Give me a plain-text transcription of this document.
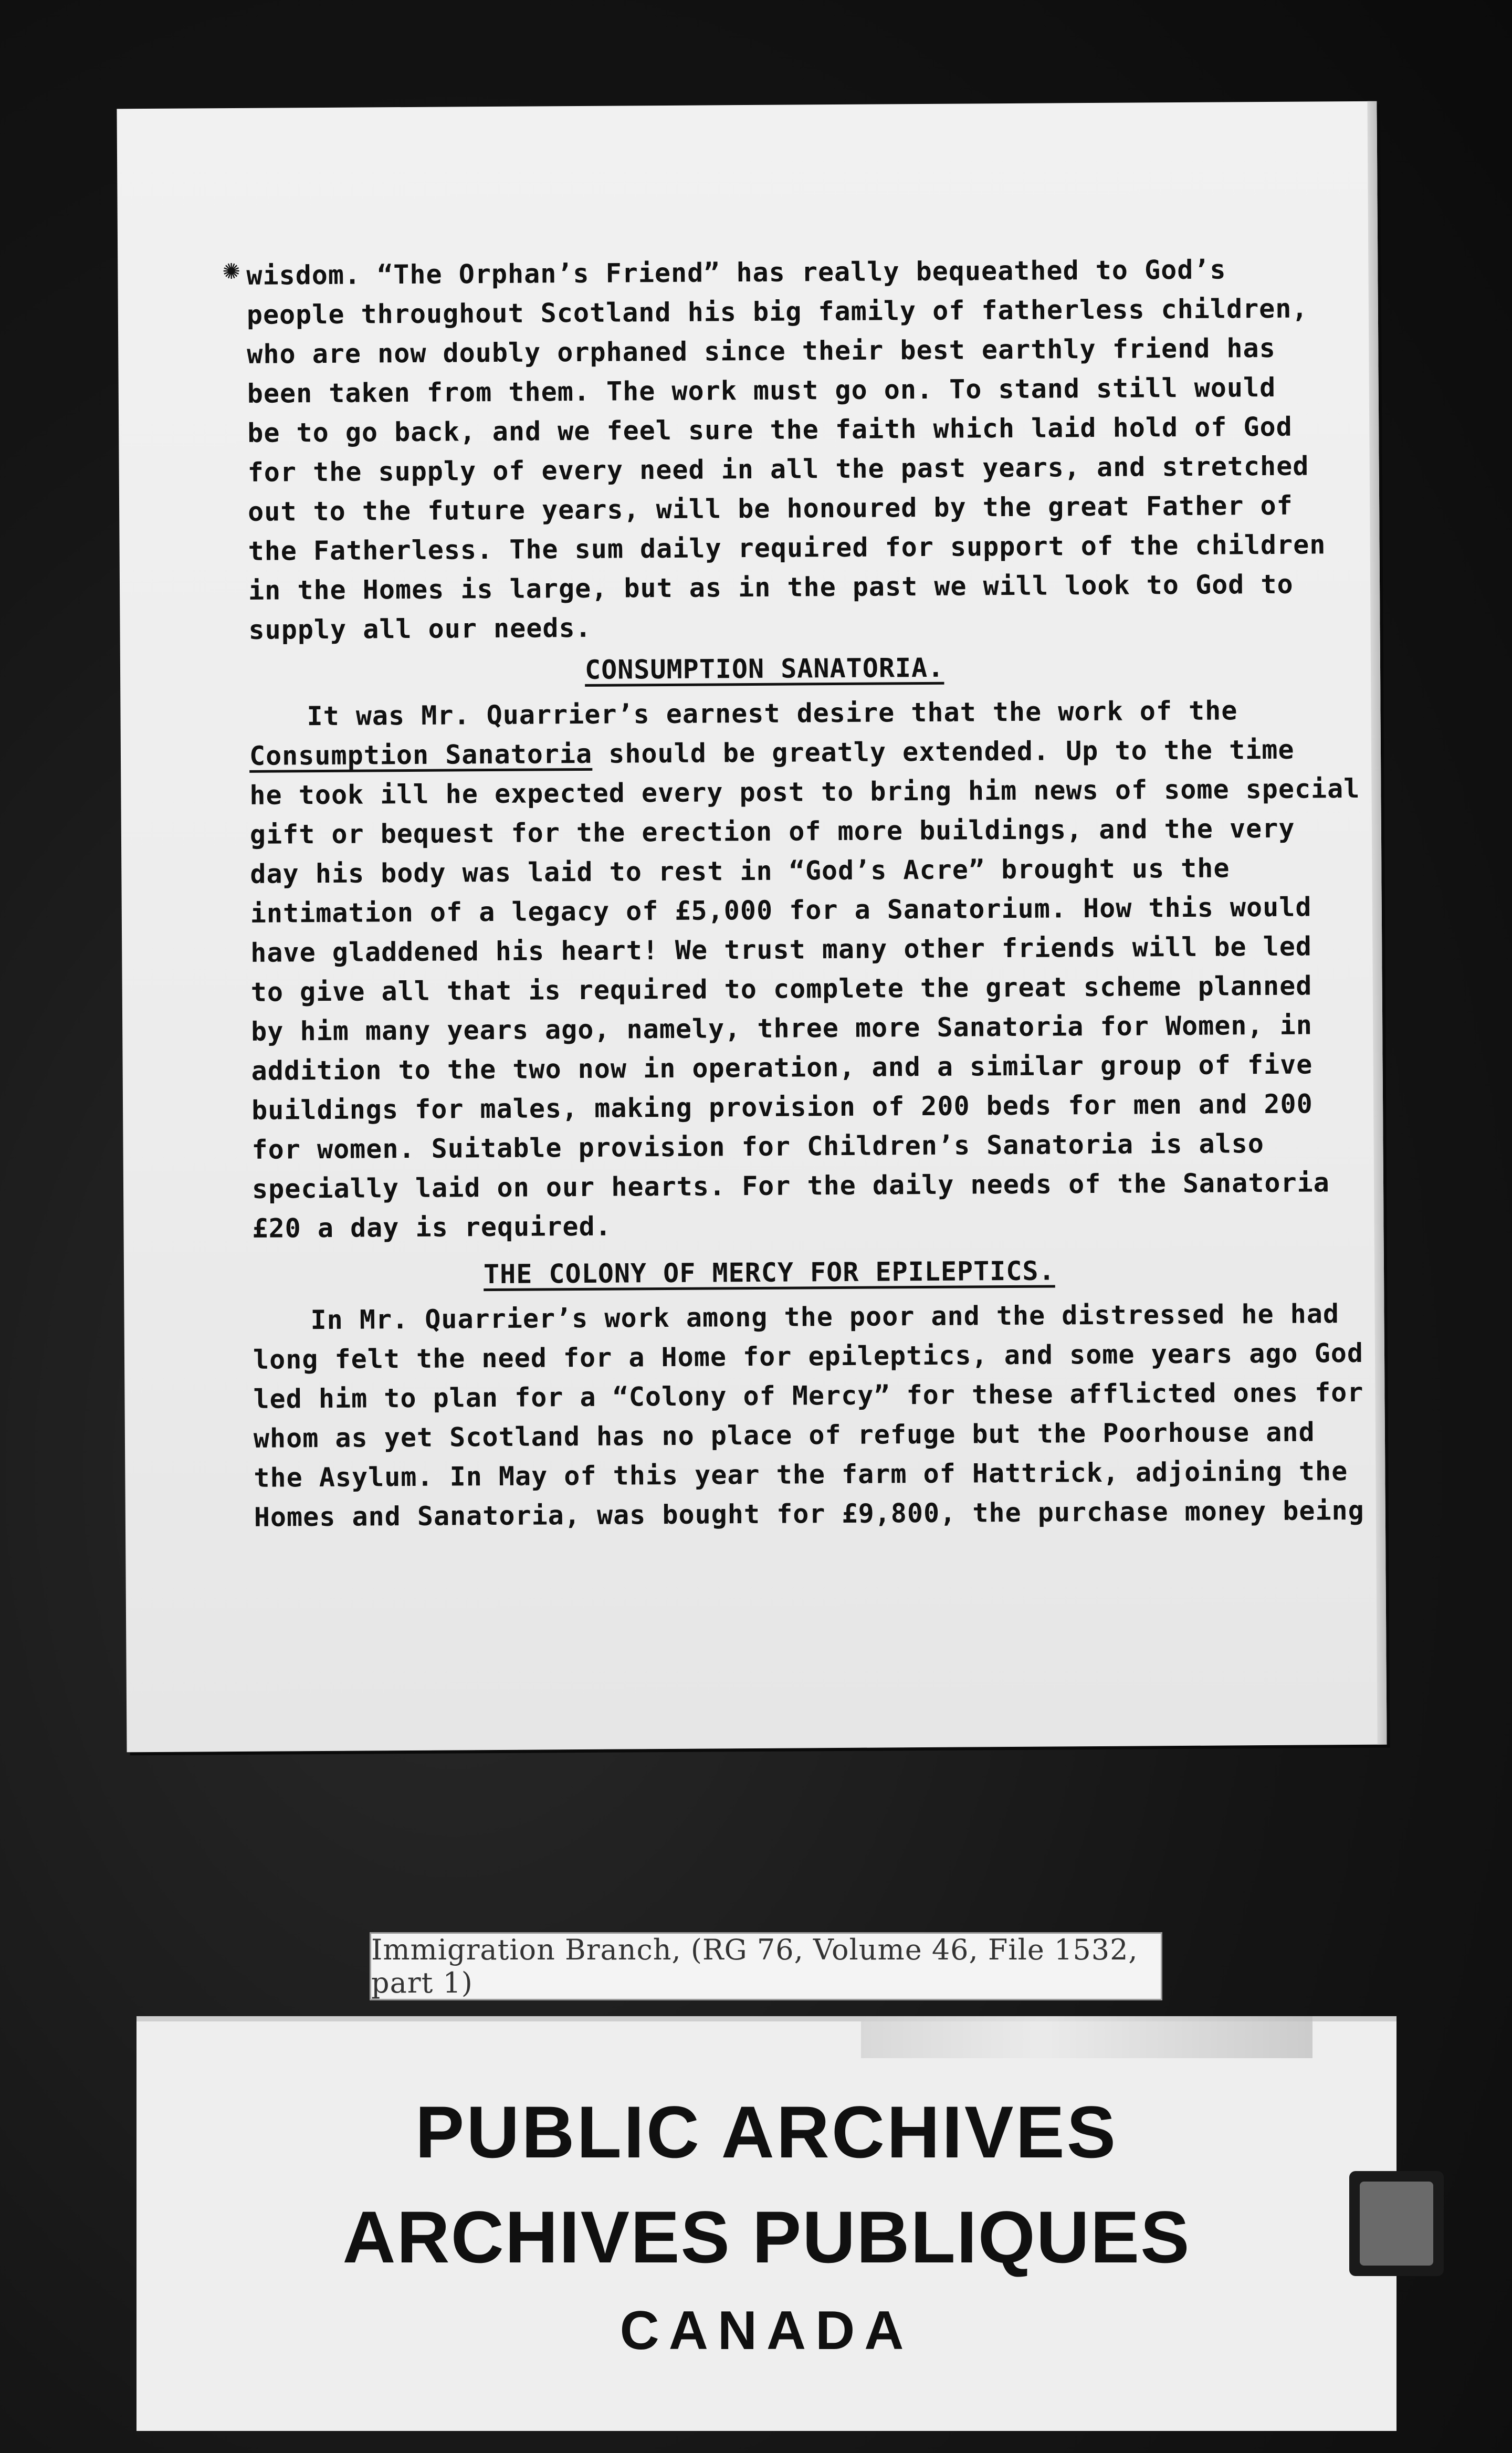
✺ wisdom. “The Orphan’s Friend” has really bequeathed to God’s
people throughout Scotland his big family of fatherless children,
who are now doubly orphaned since their best earthly friend has
been taken from them. The work must go on. To stand still would
be to go back, and we feel sure the faith which laid hold of God
for the supply of every need in all the past years, and stretched
out to the future years, will be honoured by the great Father of
the Fatherless. The sum daily required for support of the children
in the Homes is large, but as in the past we will look to God to
supply all our needs.
CONSUMPTION SANATORIA.
It was Mr. Quarrier’s earnest desire that the work of the
Consumption Sanatoria should be greatly extended. Up to the time
he took ill he expected every post to bring him news of some special
gift or bequest for the erection of more buildings, and the very
day his body was laid to rest in “God’s Acre” brought us the
intimation of a legacy of £5,000 for a Sanatorium. How this would
have gladdened his heart! We trust many other friends will be led
to give all that is required to complete the great scheme planned
by him many years ago, namely, three more Sanatoria for Women, in
addition to the two now in operation, and a similar group of five
buildings for males, making provision of 200 beds for men and 200
for women. Suitable provision for Children’s Sanatoria is also
specially laid on our hearts. For the daily needs of the Sanatoria
£20 a day is required.
THE COLONY OF MERCY FOR EPILEPTICS.
In Mr. Quarrier’s work among the poor and the distressed he had
long felt the need for a Home for epileptics, and some years ago God
led him to plan for a “Colony of Mercy” for these afflicted ones for
whom as yet Scotland has no place of refuge but the Poorhouse and
the Asylum. In May of this year the farm of Hattrick, adjoining the
Homes and Sanatoria, was bought for £9,800, the purchase money being
Immigration Branch, (RG 76, Volume 46, File 1532, part 1)
PUBLIC ARCHIVES
ARCHIVES PUBLIQUES
CANADA
